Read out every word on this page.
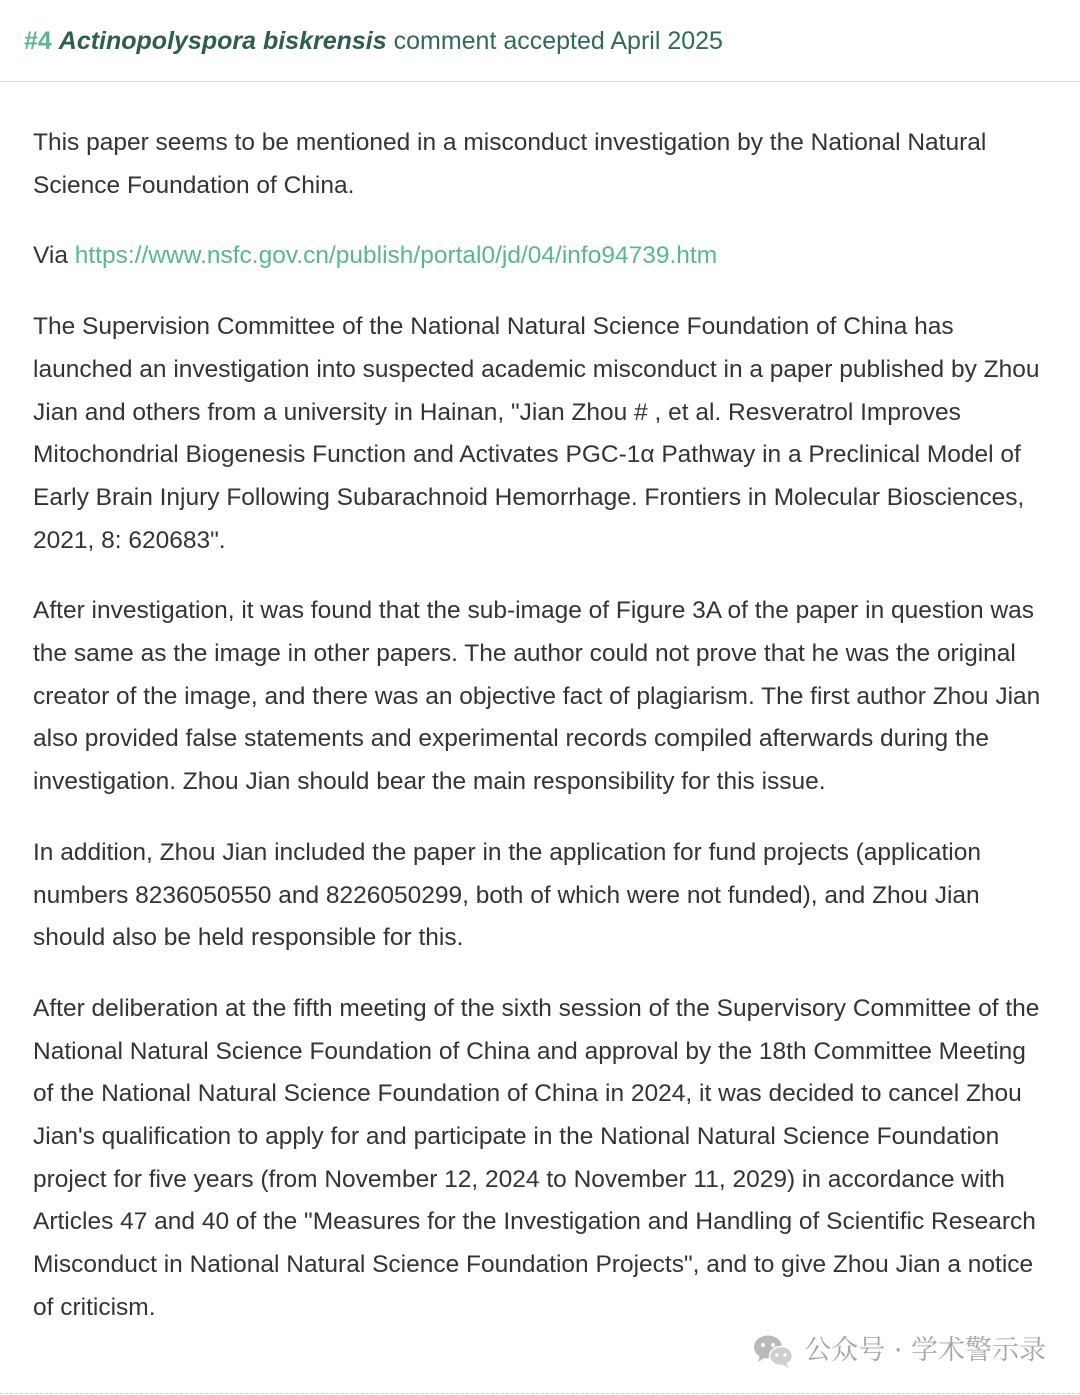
#4 Actinopolyspora biskrensis comment accepted April 2025

This paper seems to be mentioned in a misconduct investigation by the National Natural Science Foundation of China.

Via https://www.nsfc.gov.cn/publish/portal0/jd/04/info94739.htm

The Supervision Committee of the National Natural Science Foundation of China has launched an investigation into suspected academic misconduct in a paper published by Zhou Jian and others from a university in Hainan, "Jian Zhou # , et al. Resveratrol Improves Mitochondrial Biogenesis Function and Activates PGC-1α Pathway in a Preclinical Model of Early Brain Injury Following Subarachnoid Hemorrhage. Frontiers in Molecular Biosciences, 2021, 8: 620683".

After investigation, it was found that the sub-image of Figure 3A of the paper in question was the same as the image in other papers. The author could not prove that he was the original creator of the image, and there was an objective fact of plagiarism. The first author Zhou Jian also provided false statements and experimental records compiled afterwards during the investigation. Zhou Jian should bear the main responsibility for this issue.

In addition, Zhou Jian included the paper in the application for fund projects (application numbers 8236050550 and 8226050299, both of which were not funded), and Zhou Jian should also be held responsible for this.

After deliberation at the fifth meeting of the sixth session of the Supervisory Committee of the National Natural Science Foundation of China and approval by the 18th Committee Meeting of the National Natural Science Foundation of China in 2024, it was decided to cancel Zhou Jian's qualification to apply for and participate in the National Natural Science Foundation project for five years (from November 12, 2024 to November 11, 2029) in accordance with Articles 47 and 40 of the "Measures for the Investigation and Handling of Scientific Research Misconduct in National Natural Science Foundation Projects", and to give Zhou Jian a notice of criticism.

公众号 · 学术警示录
